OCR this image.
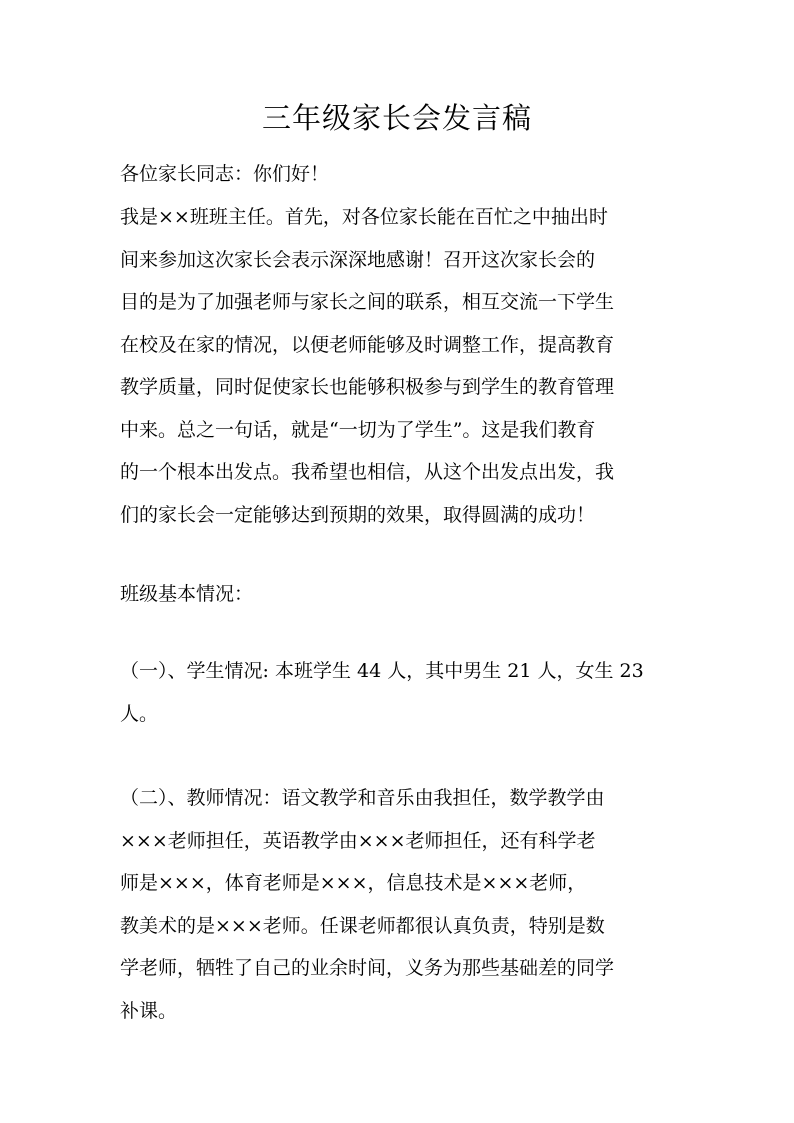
三年级家长会发言稿

各位家长同志：你们好！

我是××班班主任。首先，对各位家长能在百忙之中抽出时
间来参加这次家长会表示深深地感谢！召开这次家长会的
目的是为了加强老师与家长之间的联系，相互交流一下学生
在校及在家的情况，以便老师能够及时调整工作，提高教育
教学质量，同时促使家长也能够积极参与到学生的教育管理
中来。总之一句话，就是“一切为了学生”。这是我们教育
的一个根本出发点。我希望也相信，从这个出发点出发，我
们的家长会一定能够达到预期的效果，取得圆满的成功！

班级基本情况：

（一）、学生情况: 本班学生 44 人，其中男生 21 人，女生 23
人。

（二）、教师情况：语文教学和音乐由我担任，数学教学由
×××老师担任，英语教学由×××老师担任，还有科学老
师是×××，体育老师是×××，信息技术是×××老师，
教美术的是×××老师。任课老师都很认真负责，特别是数
学老师，牺牲了自己的业余时间，义务为那些基础差的同学
补课。
